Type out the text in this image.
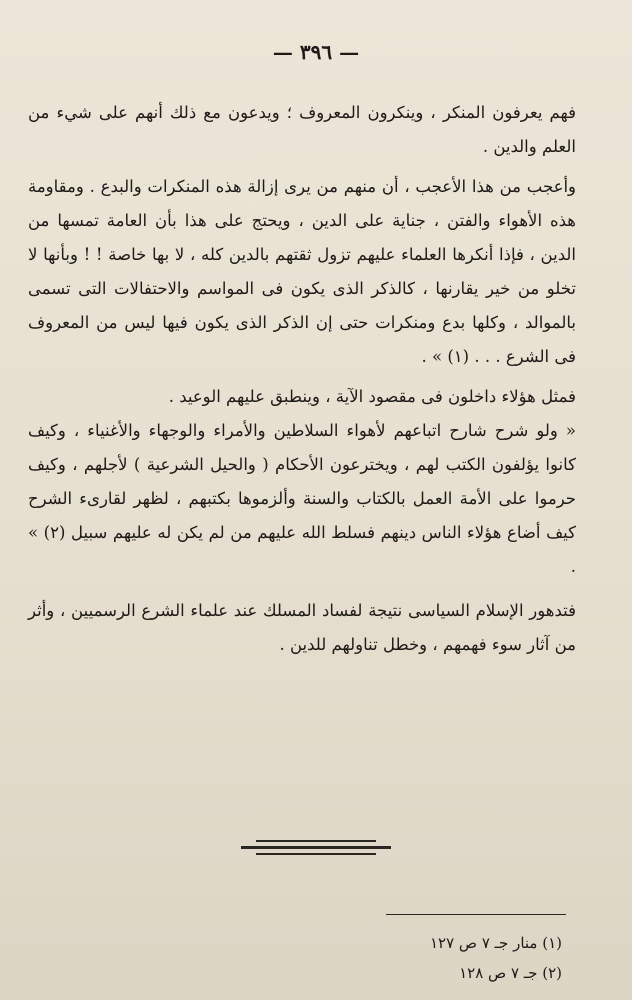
— ٣٩٦ —

فهم يعرفون المنكر ، وينكرون المعروف ؛ ويدعون مع ذلك أنهم على شيء من العلم والدين .

وأعجب من هذا الأعجب ، أن منهم من يرى إزالة هذه المنكرات والبدع . ومقاومة هذه الأهواء والفتن ، جناية على الدين ، ويحتج على هذا بأن العامة تمسها من الدين ، فإذا أنكرها العلماء عليهم تزول ثقتهم بالدين كله ، لا بها خاصة ! ! وبأنها لا تخلو من خير يقارنها ، كالذكر الذى يكون فى المواسم والاحتفالات التى تسمى بالموالد ، وكلها بدع ومنكرات حتى إن الذكر الذى يكون فيها ليس من المعروف فى الشرع . . . (١) » .

فمثل هؤلاء داخلون فى مقصود الآية ، وينطبق عليهم الوعيد .

« ولو شرح شارح اتباعهم لأهواء السلاطين والأمراء والوجهاء والأغنياء ، وكيف كانوا يؤلفون الكتب لهم ، ويخترعون الأحكام ( والحيل الشرعية ) لأجلهم ، وكيف حرموا على الأمة العمل بالكتاب والسنة وألزموها بكتبهم ، لظهر لقارىء الشرح كيف أضاع هؤلاء الناس دينهم فسلط الله عليهم من لم يكن له عليهم سبيل (٢) » .

فتدهور الإسلام السياسى نتيجة لفساد المسلك عند علماء الشرع الرسميين ، وأثر من آثار سوء فهمهم ، وخطل تناولهم للدين .

(١) منار جـ ٧ ص ١٢٧
(٢) جـ ٧ ص ١٢٨
